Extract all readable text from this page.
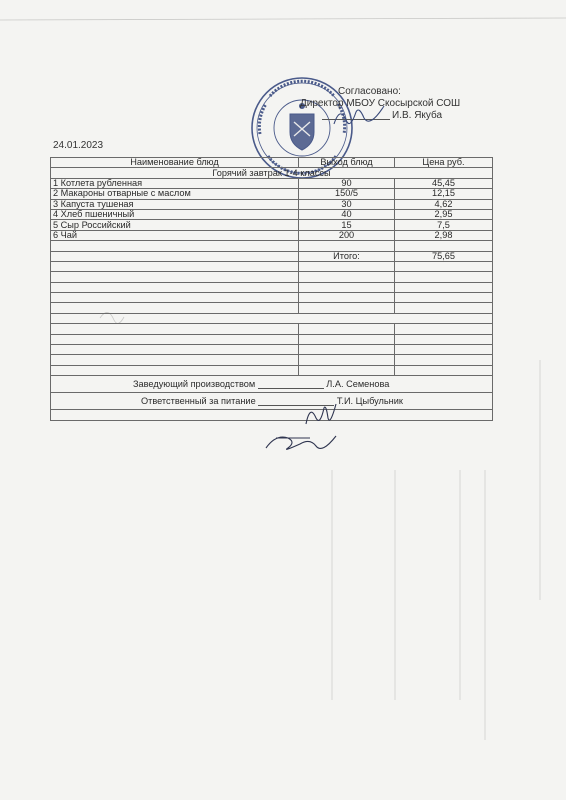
Согласовано:
Директор МБОУ Скосырской СОШ
И.В. Якуба
24.01.2023
Наименование блюд	Выход блюд	Цена руб.
Горячий завтрак 1-4 классы		
1 Котлета рубленная	90	45,45
2 Макароны отварные с маслом	150/5	12,15
3 Капуста тушеная	30	4,62
4 Хлеб пшеничный	40	2,95
5 Сыр Российский	15	7,5
6 Чай	200	2,98

	Итого:	75,65

Заведующий производством Л.А. Семенова		
Ответственный за питание Т.И. Цыбульник		
